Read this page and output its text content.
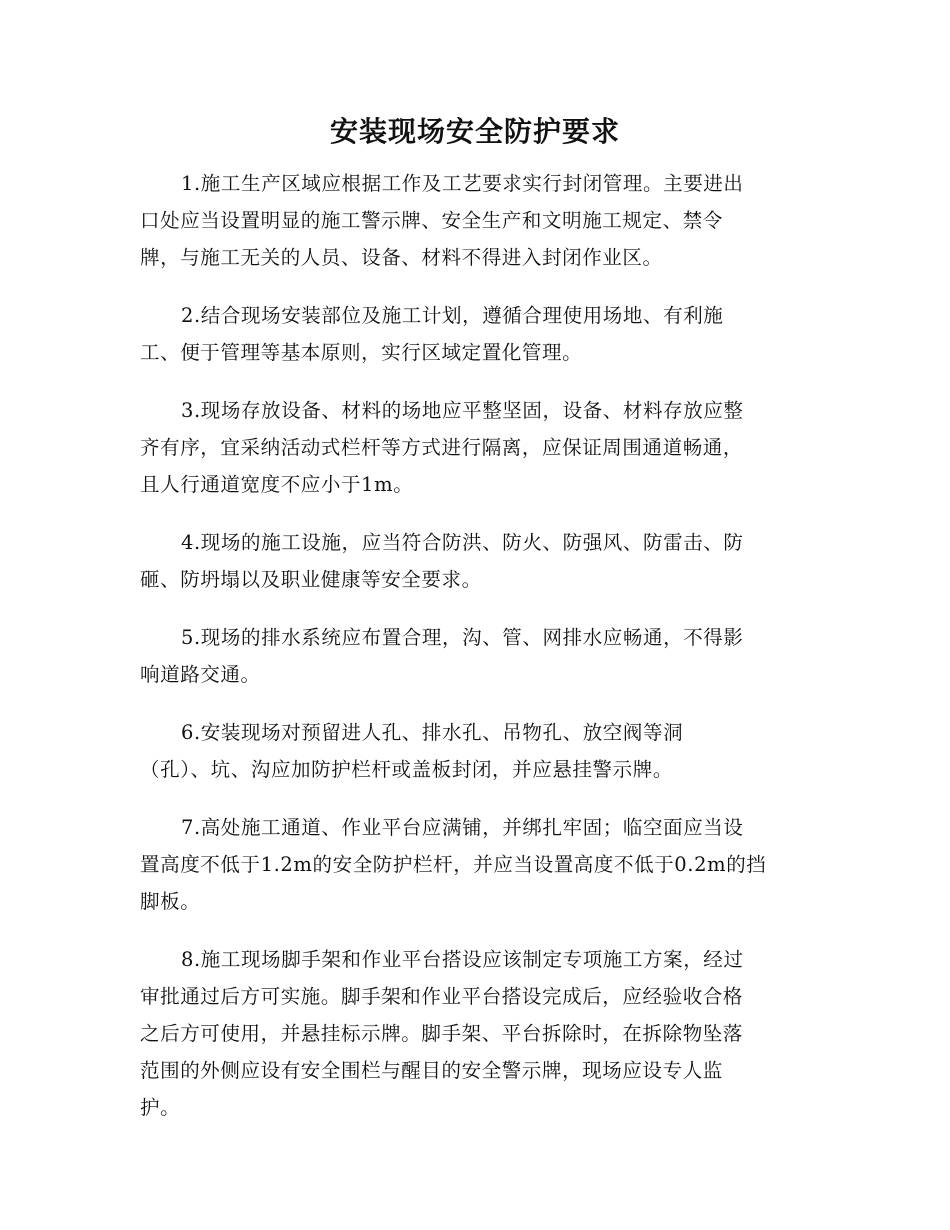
安装现场安全防护要求
1.施工生产区域应根据工作及工艺要求实行封闭管理。主要进出
口处应当设置明显的施工警示牌、安全生产和文明施工规定、禁令
牌，与施工无关的人员、设备、材料不得进入封闭作业区。
2.结合现场安装部位及施工计划，遵循合理使用场地、有利施
工、便于管理等基本原则，实行区域定置化管理。
3.现场存放设备、材料的场地应平整坚固，设备、材料存放应整
齐有序，宜采纳活动式栏杆等方式进行隔离，应保证周围通道畅通，
且人行通道宽度不应小于1m。
4.现场的施工设施，应当符合防洪、防火、防强风、防雷击、防
砸、防坍塌以及职业健康等安全要求。
5.现场的排水系统应布置合理，沟、管、网排水应畅通，不得影
响道路交通。
6.安装现场对预留进人孔、排水孔、吊物孔、放空阀等洞
（孔）、坑、沟应加防护栏杆或盖板封闭，并应悬挂警示牌。
7.高处施工通道、作业平台应满铺，并绑扎牢固；临空面应当设
置高度不低于1.2m的安全防护栏杆，并应当设置高度不低于0.2m的挡
脚板。
8.施工现场脚手架和作业平台搭设应该制定专项施工方案，经过
审批通过后方可实施。脚手架和作业平台搭设完成后，应经验收合格
之后方可使用，并悬挂标示牌。脚手架、平台拆除时，在拆除物坠落
范围的外侧应设有安全围栏与醒目的安全警示牌，现场应设专人监
护。
